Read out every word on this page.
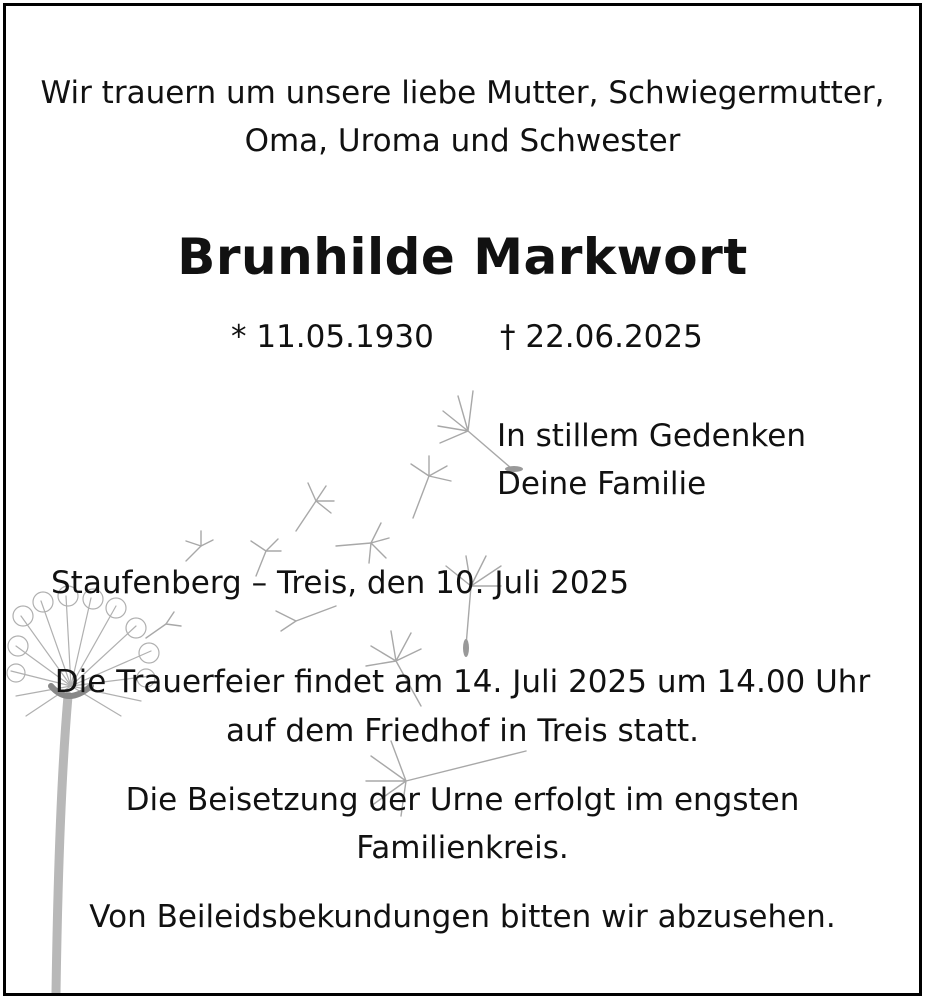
Wir trauern um unsere liebe Mutter, Schwiegermutter,
Oma, Uroma und Schwester
Brunhilde Markwort
* 11.05.1930 † 22.06.2025
In stillem Gedenken
Deine Familie
Staufenberg – Treis, den 10. Juli 2025
Die Trauerfeier findet am 14. Juli 2025 um 14.00 Uhr
auf dem Friedhof in Treis statt.
Die Beisetzung der Urne erfolgt im engsten
Familienkreis.
Von Beileidsbekundungen bitten wir abzusehen.
